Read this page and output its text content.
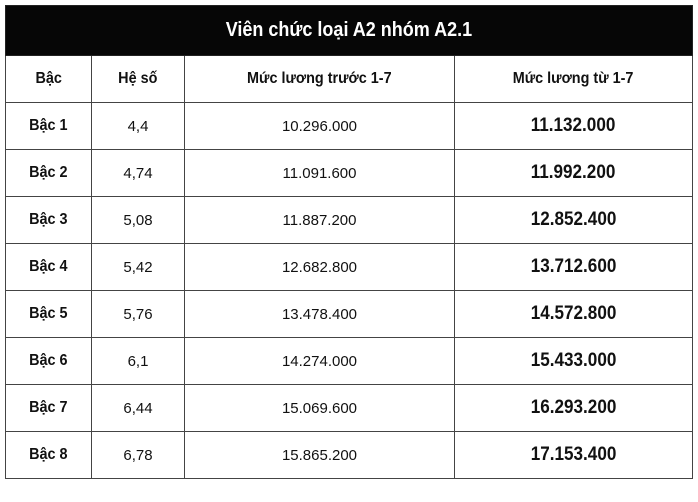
Viên chức loại A2 nhóm A2.1			
Bậc	Hệ số	Mức lương trước 1-7	Mức lương từ 1-7
Bậc 1	4,4	10.296.000	11.132.000
Bậc 2	4,74	11.091.600	11.992.200
Bậc 3	5,08	11.887.200	12.852.400
Bậc 4	5,42	12.682.800	13.712.600
Bậc 5	5,76	13.478.400	14.572.800
Bậc 6	6,1	14.274.000	15.433.000
Bậc 7	6,44	15.069.600	16.293.200
Bậc 8	6,78	15.865.200	17.153.400
